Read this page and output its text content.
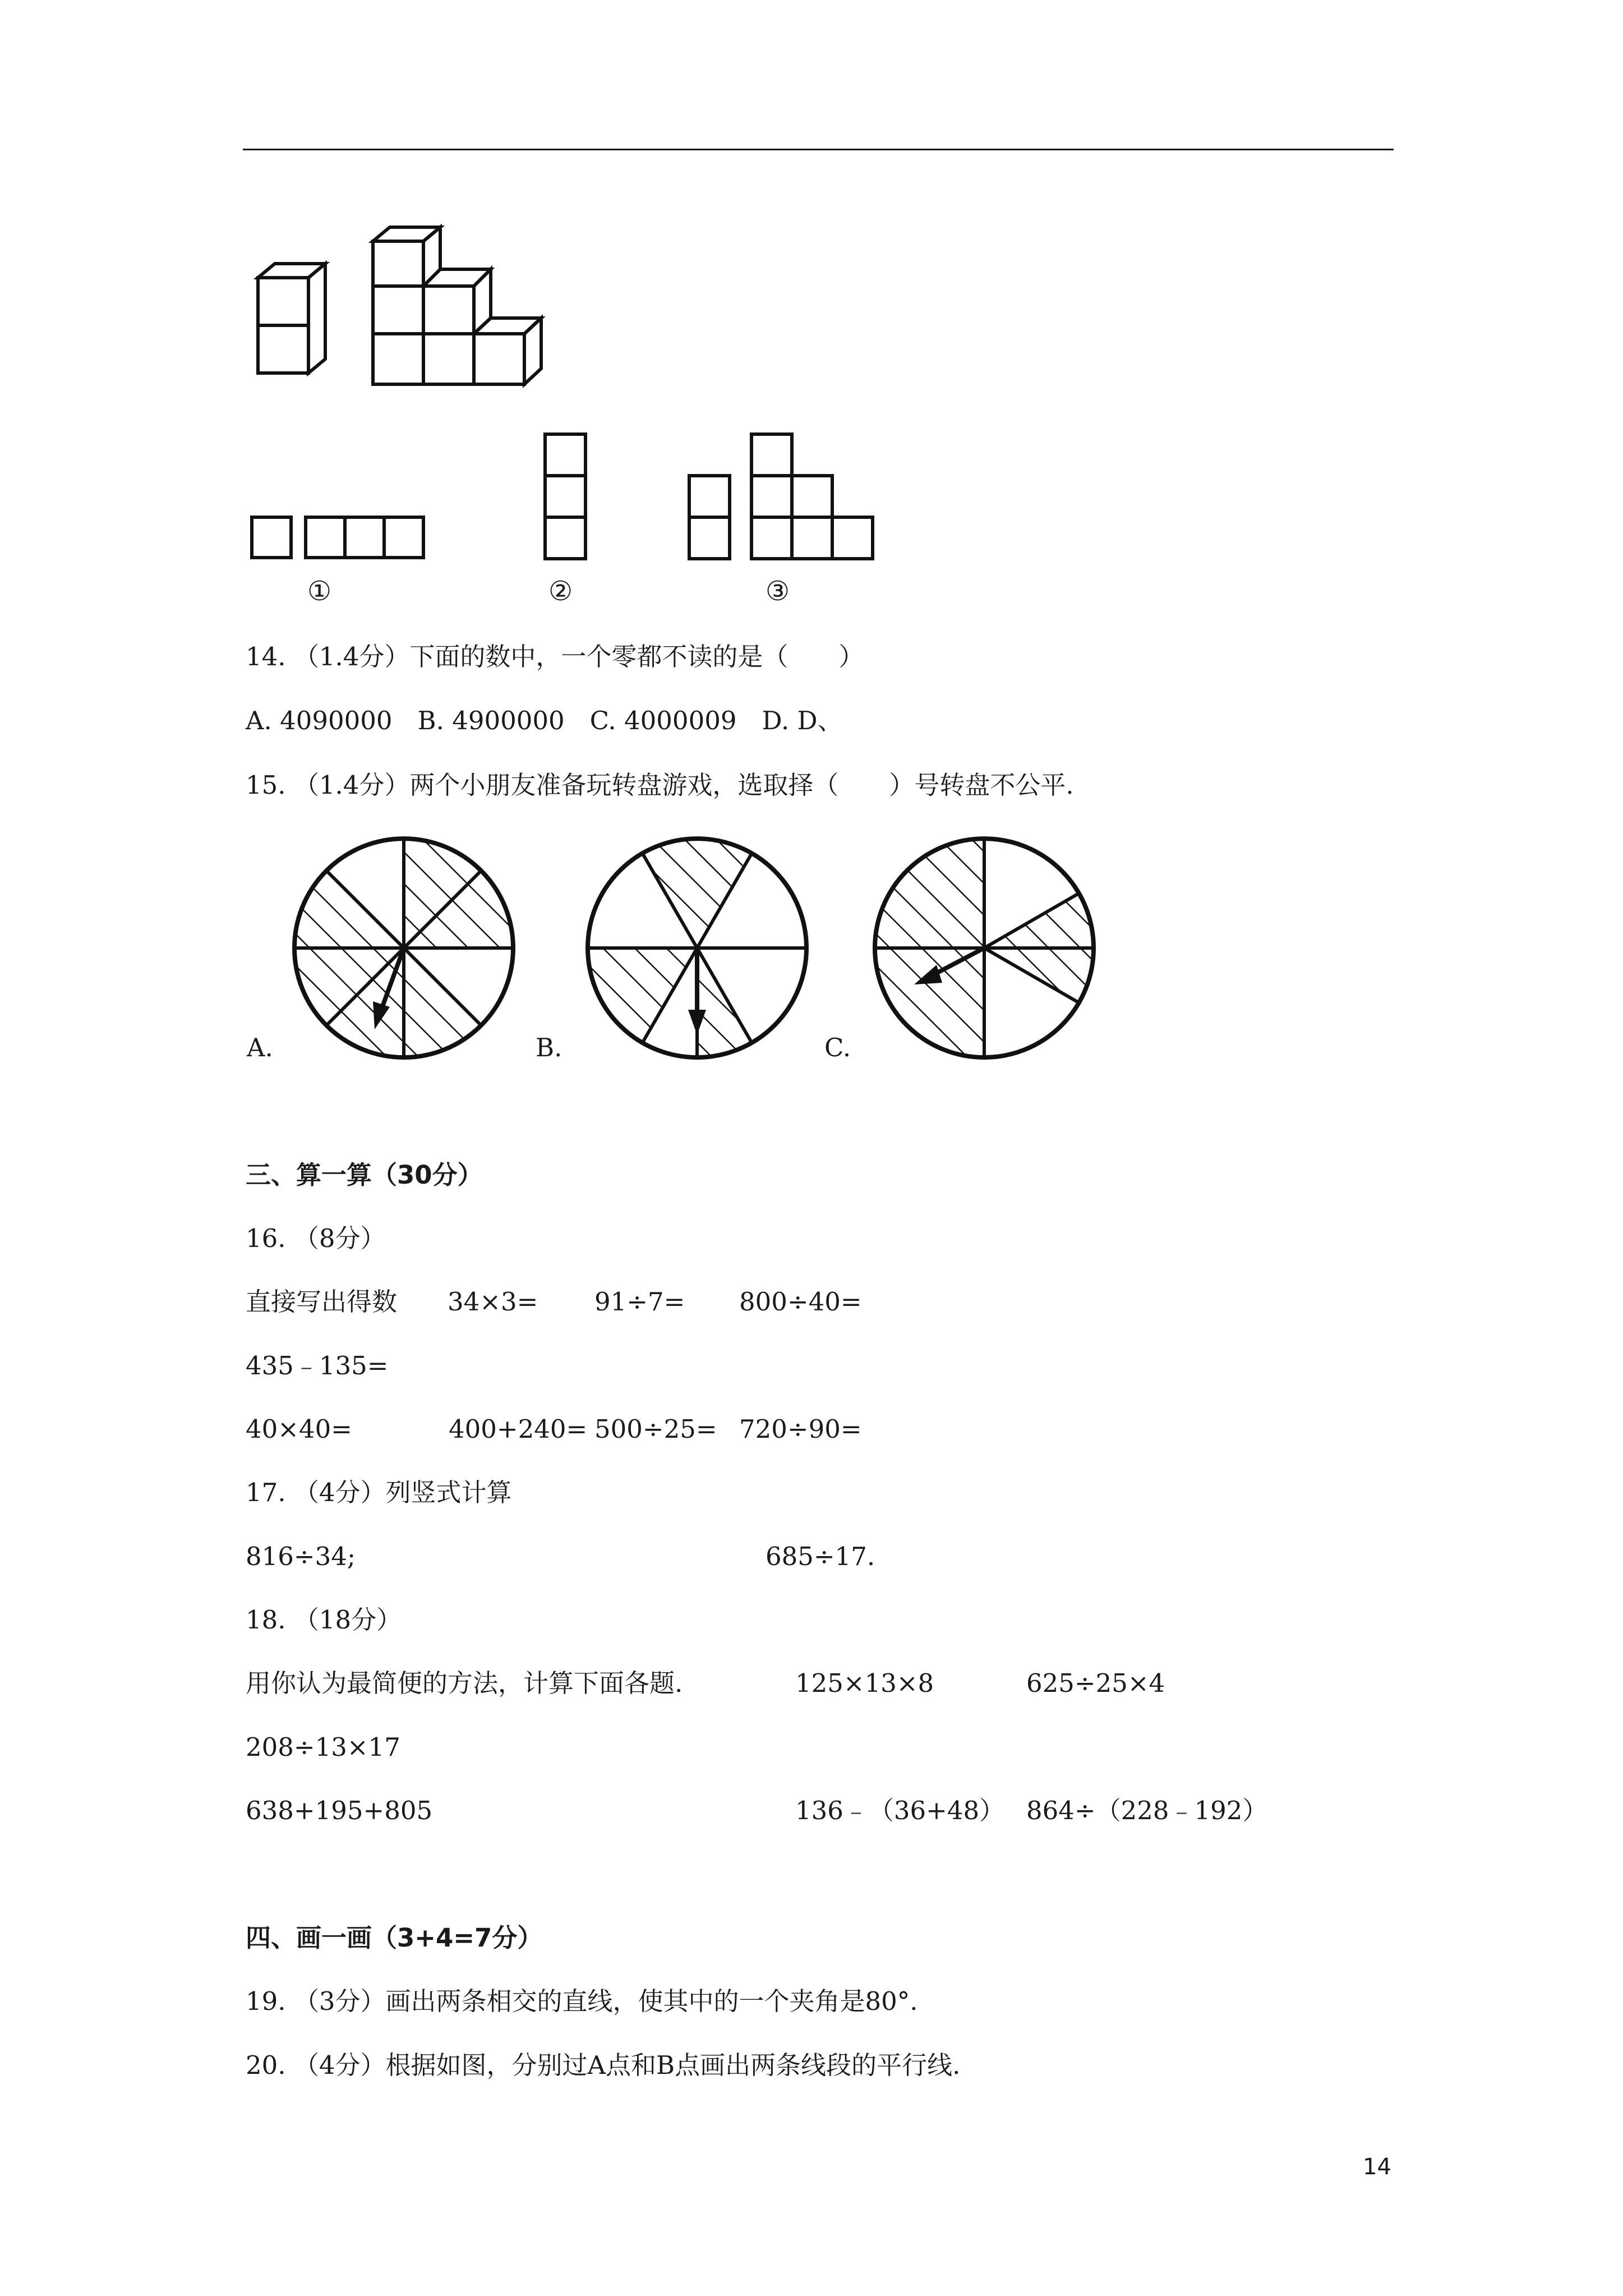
①	②	③
14. （1.4分）下面的数中，一个零都不读的是（　　）
A. 4090000　B. 4900000　C. 4000009　D. D、
15. （1.4分）两个小朋友准备玩转盘游戏，选取择（　　）号转盘不公平.
A.	B.	C.
三、算一算（30分）
16. （8分）
直接写出得数 34×3= 91÷7= 800÷40=
435﹣135=
40×40=	400+240= 500÷25= 720÷90=
17. （4分）列竖式计算
816÷34;	685÷17.
18. （18分）
用你认为最简便的方法，计算下面各题.	125×13×8	625÷25×4
208÷13×17
638+195+805	136﹣（36+48） 864÷（228﹣192）
四、画一画（3+4=7分）
19. （3分）画出两条相交的直线，使其中的一个夹角是80°.
20. （4分）根据如图，分别过A点和B点画出两条线段的平行线.
14
